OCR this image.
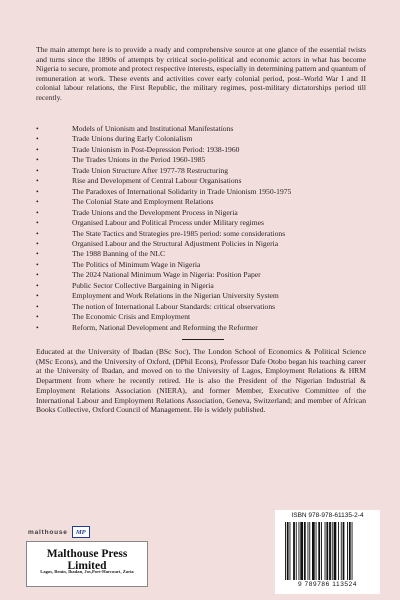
The main attempt here is to provide a ready and comprehensive source at one glance of the essential twists and turns since the 1890s of attempts by critical socio-political and economic actors in what has become Nigeria to secure, promote and protect respective interests, especially in determining pattern and quantum of remuneration at work. These events and activities cover early colonial period, post–World War I and II colonial labour relations, the First Republic, the military regimes, post-military dictatorships period till recently.

•	Models of Unionism and Institutional Manifestations
•	Trade Unions during Early Colonialism
•	Trade Unionism in Post-Depression Period: 1938-1960
•	The Trades Unions in the Period 1960-1985
•	Trade Union Structure After 1977-78 Restructuring
•	Rise and Development of Central Labour Organisations
•	The Paradoxes of International Solidarity in Trade Unionism 1950-1975
•	The Colonial State and Employment Relations
•	Trade Unions and the Development Process in Nigeria
•	Organised Labour and Political Process under Military regimes
•	The State Tactics and Strategies pre-1985 period: some considerations
•	Organised Labour and the Structural Adjustment Policies in Nigeria
•	The 1988 Banning of the NLC
•	The Politics of Minimum Wage in Nigeria
•	The 2024 National Minimum Wage in Nigeria: Position Paper
•	Public Sector Collective Bargaining in Nigeria
•	Employment and Work Relations in the Nigerian University System
•	The notion of International Labour Standards: critical observations
•	The Economic Crisis and Employment
•	Reform, National Development and Reforming the Reformer

Educated at the University of Ibadan (BSc Soc), The London School of Economics & Political Science (MSc Econs), and the University of Oxford, (DPhil Econs), Professor Dafe Otobo began his teaching career at the University of Ibadan, and moved on to the University of Lagos, Employment Relations & HRM Department from where he recently retired. He is also the President of the Nigerian Industrial & Employment Relations Association (NIERA), and former Member, Executive Committee of the International Labour and Employment Relations Association, Geneva, Switzerland; and member of African Books Collective, Oxford Council of Management. He is widely published.

malthouse	MP
Malthouse Press Limited
Lagos, Benin, Ibadan, Jos,Port-Harcourt, Zaria
ISBN 978-978-61135-2-4
9 789786 113524
